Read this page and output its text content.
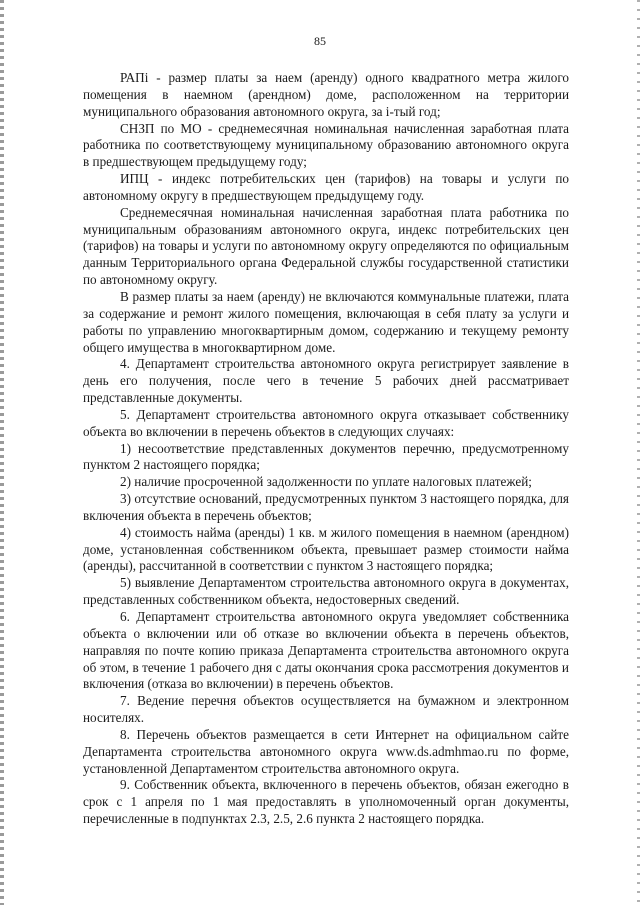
85

РАПi - размер платы за наем (аренду) одного квадратного метра жилого помещения в наемном (арендном) доме, расположенном на территории муниципального образования автономного округа, за i-тый год;

СНЗП по МО - среднемесячная номинальная начисленная заработная плата работника по соответствующему муниципальному образованию автономного округа в предшествующем предыдущему году;

ИПЦ - индекс потребительских цен (тарифов) на товары и услуги по автономному округу в предшествующем предыдущему году.

Среднемесячная номинальная начисленная заработная плата работника по муниципальным образованиям автономного округа, индекс потребительских цен (тарифов) на товары и услуги по автономному округу определяются по официальным данным Территориального органа Федеральной службы государственной статистики по автономному округу.

В размер платы за наем (аренду) не включаются коммунальные платежи, плата за содержание и ремонт жилого помещения, включающая в себя плату за услуги и работы по управлению многоквартирным домом, содержанию и текущему ремонту общего имущества в многоквартирном доме.

4. Департамент строительства автономного округа регистрирует заявление в день его получения, после чего в течение 5 рабочих дней рассматривает представленные документы.

5. Департамент строительства автономного округа отказывает собственнику объекта во включении в перечень объектов в следующих случаях:

1) несоответствие представленных документов перечню, предусмотренному пунктом 2 настоящего порядка;

2) наличие просроченной задолженности по уплате налоговых платежей;

3) отсутствие оснований, предусмотренных пунктом 3 настоящего порядка, для включения объекта в перечень объектов;

4) стоимость найма (аренды) 1 кв. м жилого помещения в наемном (арендном) доме, установленная собственником объекта, превышает размер стоимости найма (аренды), рассчитанной в соответствии с пунктом 3 настоящего порядка;

5) выявление Департаментом строительства автономного округа в документах, представленных собственником объекта, недостоверных сведений.

6. Департамент строительства автономного округа уведомляет собственника объекта о включении или об отказе во включении объекта в перечень объектов, направляя по почте копию приказа Департамента строительства автономного округа об этом, в течение 1 рабочего дня с даты окончания срока рассмотрения документов и включения (отказа во включении) в перечень объектов.

7. Ведение перечня объектов осуществляется на бумажном и электронном носителях.

8. Перечень объектов размещается в сети Интернет на официальном сайте Департамента строительства автономного округа www.ds.admhmao.ru по форме, установленной Департаментом строительства автономного округа.

9. Собственник объекта, включенного в перечень объектов, обязан ежегодно в срок с 1 апреля по 1 мая предоставлять в уполномоченный орган документы, перечисленные в подпунктах 2.3, 2.5, 2.6 пункта 2 настоящего порядка.
